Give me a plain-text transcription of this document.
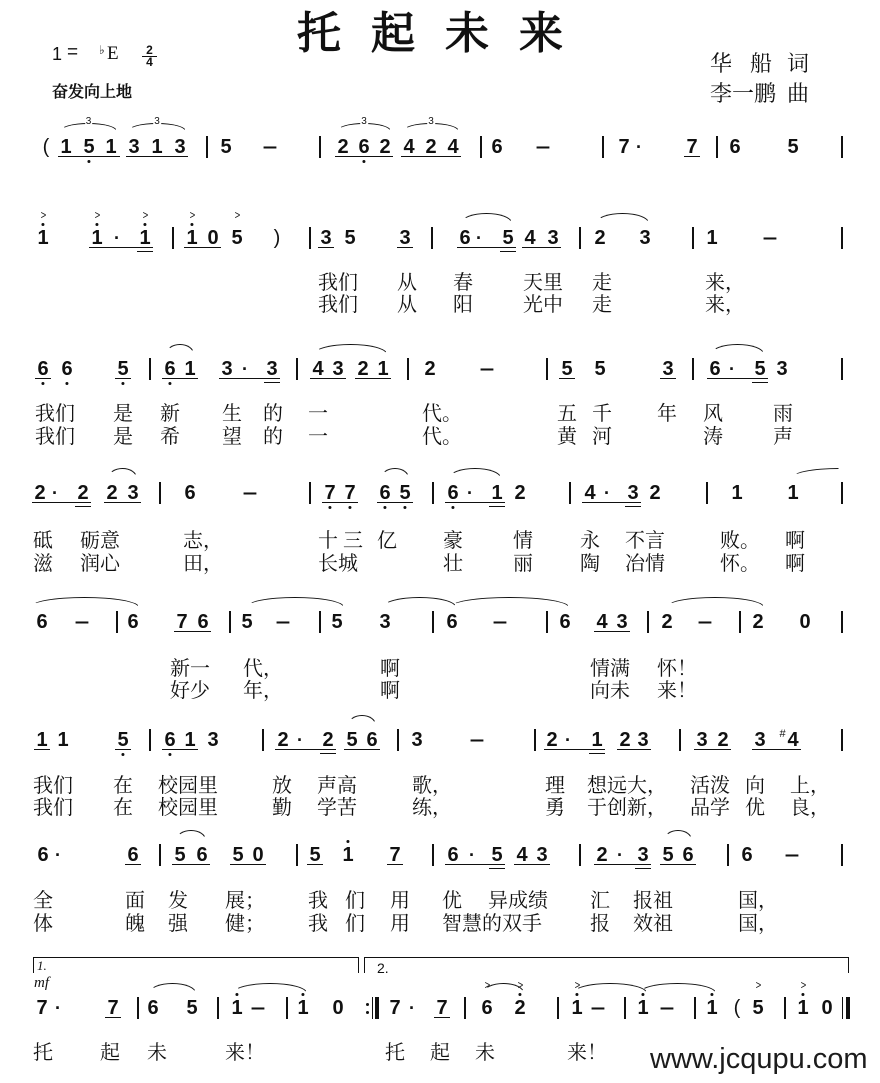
托起未来
1 = ♭ E $\frac{2}{4}$
奋发向上地
华船
词
李一鹏 曲
3	3	3	3
( 1 5 1 3 1 3 5 –	2 6 2 4 2 4 6 –	7 · 7 6 5
1
>
1
>
· 1
>
1
>
0 5
>
) 3 5 3 6 · 5 4 3 2 3	1 –
我们 从 春	天里 走	来，
我们 从 阳	光中 走	来，
6 6 5 6 1 3 · 3 4 3 2 1 2 –	5 5	3 6 · 5 3
我们 是 新 生 的 一	代。	五 千 年 风	雨
我们 是 希 望 的 一	代。	黄 河	涛	声
2 · 2 2 3 6 –	7 7 6 5 6 · 1 2	4 · 3 2	1 1
砥 砺意	志，	十 三 亿 豪	情 永 不言	败。 啊
滋 润心	田，	长城	壮	丽 陶 冶情	怀。 啊
6 – 6 7 6 5 – 5 3	6 –	6 4 3 2 – 2 0
新一 代，	啊	情满 怀！
好少 年，	啊	向未 来！
1 1 5 6 1 3	2 · 2 5 6 3 –	2 · 1 2 3 3 2 3 4
#
我们 在 校园里	放 声高	歌，	理 想远大， 活泼 向 上，
我们 在 校园里	勤 学苦	练，	勇 于创新， 品学 优 良，
6 ·	6 5 6 5 0 5 1 7 6 · 5 4 3 2 · 3 5 6 6 –
全	面 发 展； 我 们 用 优 异成绩 汇 报祖	国，
体	魄 强 健； 我 们 用 智慧的双手 报 效祖	国，
7 · 7 6 5 1 – 1 0 7 · 7 6
>
2
>
1
>
– 1 – 1 ( 5
>
1
>
0
托 起 未	来！	托 起 未	来！
1.	2.
mf
www.jcqupu.com
